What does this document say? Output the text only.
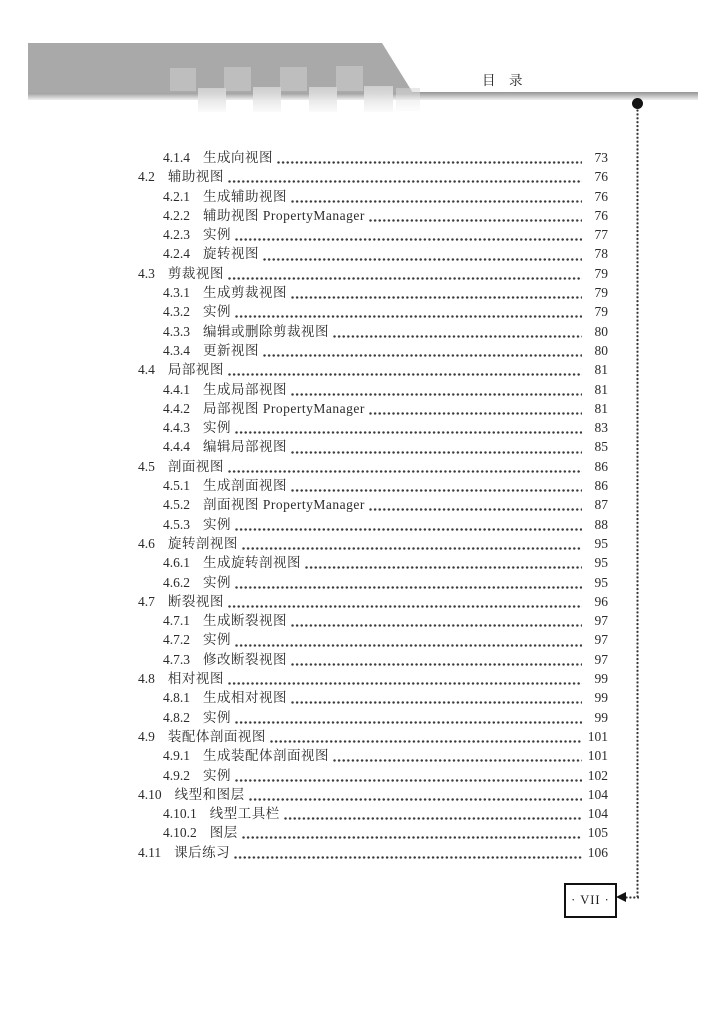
目　录
· VII ·
4.1.4 生成向视图	73
4.2 辅助视图	76
4.2.1 生成辅助视图	76
4.2.2 辅助视图 PropertyManager	76
4.2.3 实例	77
4.2.4 旋转视图	78
4.3 剪裁视图	79
4.3.1 生成剪裁视图	79
4.3.2 实例	79
4.3.3 编辑或删除剪裁视图	80
4.3.4 更新视图	80
4.4 局部视图	81
4.4.1 生成局部视图	81
4.4.2 局部视图 PropertyManager	81
4.4.3 实例	83
4.4.4 编辑局部视图	85
4.5 剖面视图	86
4.5.1 生成剖面视图	86
4.5.2 剖面视图 PropertyManager	87
4.5.3 实例	88
4.6 旋转剖视图	95
4.6.1 生成旋转剖视图	95
4.6.2 实例	95
4.7 断裂视图	96
4.7.1 生成断裂视图	97
4.7.2 实例	97
4.7.3 修改断裂视图	97
4.8 相对视图	99
4.8.1 生成相对视图	99
4.8.2 实例	99
4.9 装配体剖面视图	101
4.9.1 生成装配体剖面视图	101
4.9.2 实例	102
4.10 线型和图层	104
4.10.1 线型工具栏	104
4.10.2 图层	105
4.11 课后练习	106
